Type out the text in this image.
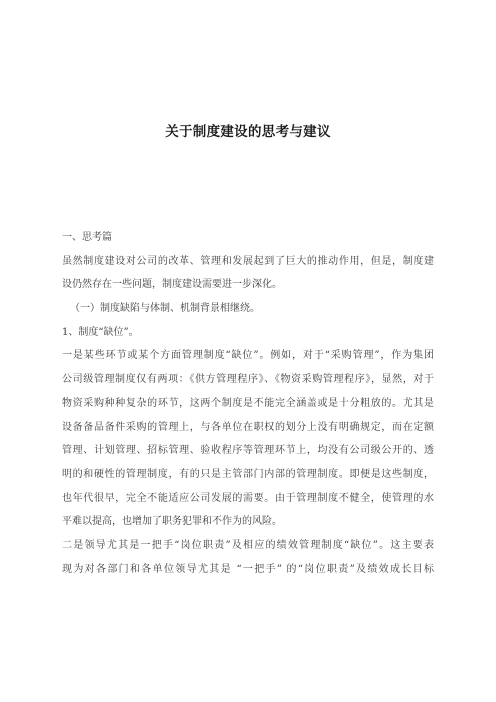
关于制度建设的思考与建议
一、思考篇
虽然制度建设对公司的改革、管理和发展起到了巨大的推动作用，但是，制度建
设仍然存在一些问题，制度建设需要进一步深化。
（一）制度缺陷与体制、机制背景相继绕。
1、制度“缺位”。
一是某些环节或某个方面管理制度“缺位”。例如，对于“采购管理”，作为集团
公司级管理制度仅有两项：《供方管理程序》、《物资采购管理程序》，显然，对于
物资采购种种复杂的环节，这两个制度是不能完全涵盖或是十分粗放的。尤其是
设备备品备件采购的管理上，与各单位在职权的划分上没有明确规定，而在定额
管理、计划管理、招标管理、验收程序等管理环节上，均没有公司级公开的、透
明的和硬性的管理制度，有的只是主管部门内部的管理制度。即便是这些制度，
也年代很早，完全不能适应公司发展的需要。由于管理制度不健全，使管理的水
平难以提高，也增加了职务犯罪和不作为的风险。
二是领导尤其是一把手“岗位职责”及相应的绩效管理制度“缺位”。这主要表
现为对各部门和各单位领导尤其是 “一把手” 的“岗位职责”及绩效成长目标
